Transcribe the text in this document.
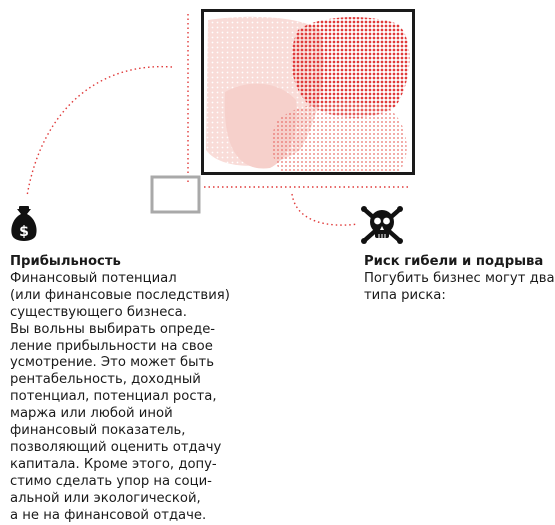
$
Прибыльность
Финансовый потенциал
(или финансовые последствия)
существующего бизнеса.
Вы вольны выбирать опреде-
ление прибыльности на свое
усмотрение. Это может быть
рентабельность, доходный
потенциал, потенциал роста,
маржа или любой иной
финансовый показатель,
позволяющий оценить отдачу
капитала. Кроме этого, допу-
стимо сделать упор на соци-
альной или экологической,
а не на финансовой отдаче.
Риск гибели и подрыва
Погубить бизнес могут два
типа риска:
